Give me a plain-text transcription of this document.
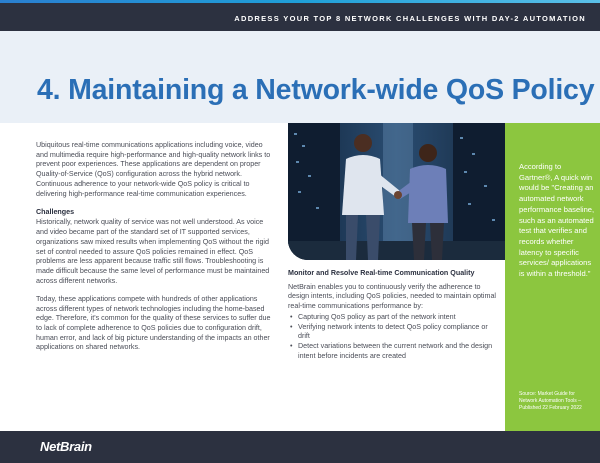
ADDRESS YOUR TOP 8 NETWORK CHALLENGES WITH DAY-2 AUTOMATION
4. Maintaining a Network-wide QoS Policy

Ubiquitous real-time communications applications including voice, video and multimedia require high-performance and high-quality network links to prevent poor experiences. These applications are dependent on proper Quality-of-Service (QoS) configuration across the hybrid network. Continuous adherence to your network-wide QoS policy is critical to delivering high-performance real-time communication experiences.

Challenges

Historically, network quality of service was not well understood. As voice and video became part of the standard set of IT supported services, organizations saw mixed results when implementing QoS without the rigid set of control needed to assure QoS policies remained in effect. QoS problems are less apparent because traffic still flows. Troubleshooting is made difficult because the same level of performance must be maintained across different networks.

Today, these applications compete with hundreds of other applications across different types of network technologies including the home-based edge. Therefore, it's common for the quality of these services to suffer due to lack of complete adherence to QoS policies due to configuration drift, human error, and lack of big picture understanding of the impacts an other applications on shared networks.

Monitor and Resolve Real-time Communication Quality

NetBrain enables you to continuously verify the adherence to design intents, including QoS policies, needed to maintain optimal real-time communications performance by:

• Capturing QoS policy as part of the network intent
• Verifying network intents to detect QoS policy compliance or drift
• Detect variations between the current network and the design intent before incidents are created
According to Gartner®, A quick win would be "Creating an automated network performance baseline, such as an automated test that verifies and records whether latency to specific services/ applications is within a threshold."
Source: Market Guide for Network Automation Tools – Published 22 February 2022
NetBrain
